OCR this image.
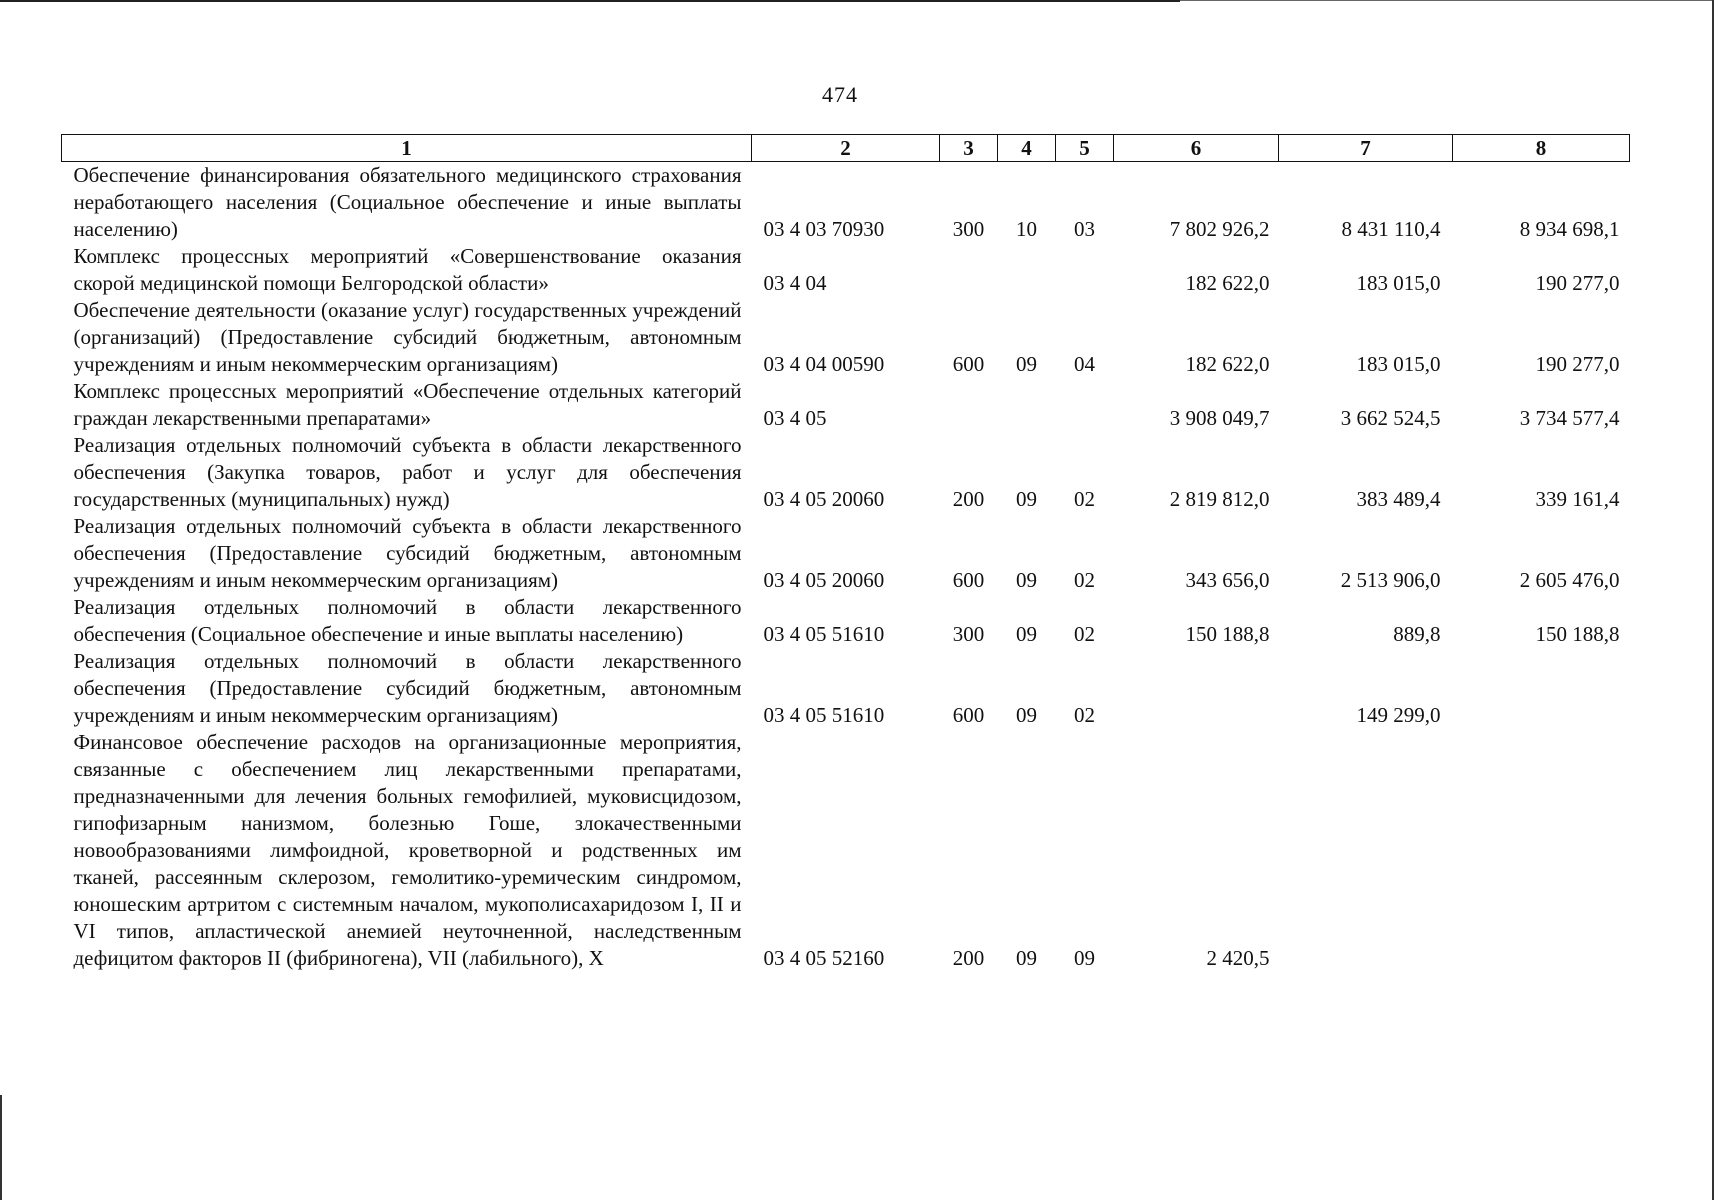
474
1	2	3	4	5	6	7	8
Обеспечение финансирования обязательного медицинского страхования неработающего населения (Социальное обеспечение и иные выплаты населению)	03 4 03 70930	300	10	03	7 802 926,2	8 431 110,4	8 934 698,1
Комплекс процессных мероприятий «Совершенствование оказания скорой медицинской помощи Белгородской области»	03 4 04				182 622,0	183 015,0	190 277,0
Обеспечение деятельности (оказание услуг) государственных учреждений (организаций) (Предоставление субсидий бюджетным, автономным учреждениям и иным некоммерческим организациям)	03 4 04 00590	600	09	04	182 622,0	183 015,0	190 277,0
Комплекс процессных мероприятий «Обеспечение отдельных категорий граждан лекарственными препаратами»	03 4 05				3 908 049,7	3 662 524,5	3 734 577,4
Реализация отдельных полномочий субъекта в области лекарственного обеспечения (Закупка товаров, работ и услуг для обеспечения государственных (муниципальных) нужд)	03 4 05 20060	200	09	02	2 819 812,0	383 489,4	339 161,4
Реализация отдельных полномочий субъекта в области лекарственного обеспечения (Предоставление субсидий бюджетным, автономным учреждениям и иным некоммерческим организациям)	03 4 05 20060	600	09	02	343 656,0	2 513 906,0	2 605 476,0
Реализация отдельных полномочий в области лекарственного обеспечения (Социальное обеспечение и иные выплаты населению)	03 4 05 51610	300	09	02	150 188,8	889,8	150 188,8
Реализация отдельных полномочий в области лекарственного обеспечения (Предоставление субсидий бюджетным, автономным учреждениям и иным некоммерческим организациям)	03 4 05 51610	600	09	02		149 299,0	
Финансовое обеспечение расходов на организационные мероприятия, связанные с обеспечением лиц лекарственными препаратами, предназначенными для лечения больных гемофилией, муковисцидозом, гипофизарным нанизмом, болезнью Гоше, злокачественными новообразованиями лимфоидной, кроветворной и родственных им тканей, рассеянным склерозом, гемолитико-уремическим синдромом, юношеским артритом с системным началом, мукополисахаридозом I, II и VI типов, апластической анемией неуточненной, наследственным дефицитом факторов II (фибриногена), VII (лабильного), X	03 4 05 52160	200	09	09	2 420,5		
